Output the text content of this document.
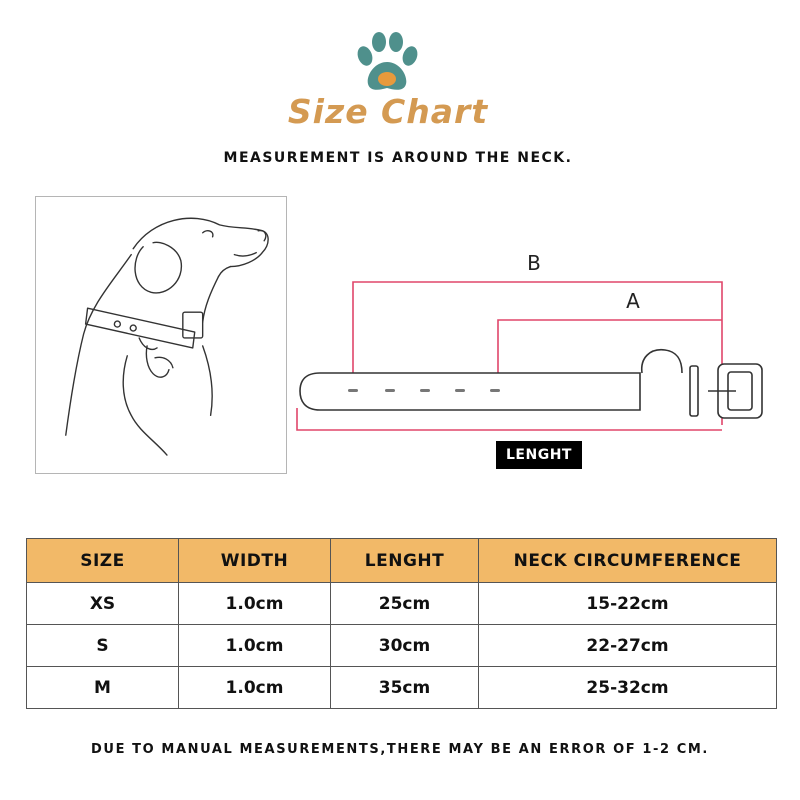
Size Chart
MEASUREMENT IS AROUND THE NECK.
B
A
LENGHT
SIZE	WIDTH	LENGHT	NECK CIRCUMFERENCE
XS	1.0cm	25cm	15-22cm
S	1.0cm	30cm	22-27cm
M	1.0cm	35cm	25-32cm
DUE TO MANUAL MEASUREMENTS,THERE MAY BE AN ERROR OF 1-2 CM.
